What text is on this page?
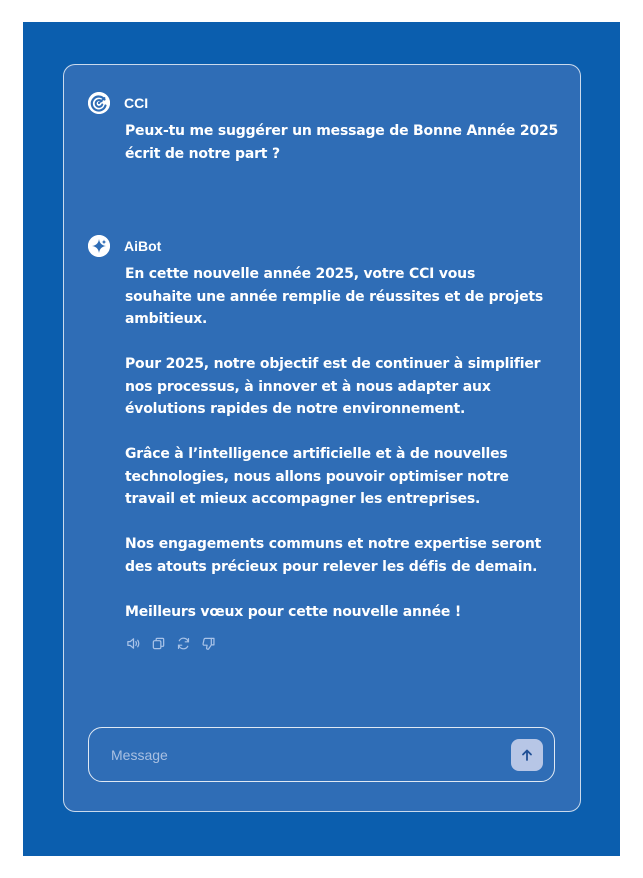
CCI

Peux-tu me suggérer un message de Bonne Année 2025
écrit de notre part ?

AiBot

En cette nouvelle année 2025, votre CCI vous
souhaite une année remplie de réussites et de projets
ambitieux.

Pour 2025, notre objectif est de continuer à simplifier
nos processus, à innover et à nous adapter aux
évolutions rapides de notre environnement.

Grâce à l’intelligence artificielle et à de nouvelles
technologies, nous allons pouvoir optimiser notre
travail et mieux accompagner les entreprises.

Nos engagements communs et notre expertise seront
des atouts précieux pour relever les défis de demain.

Meilleurs vœux pour cette nouvelle année !

Message
